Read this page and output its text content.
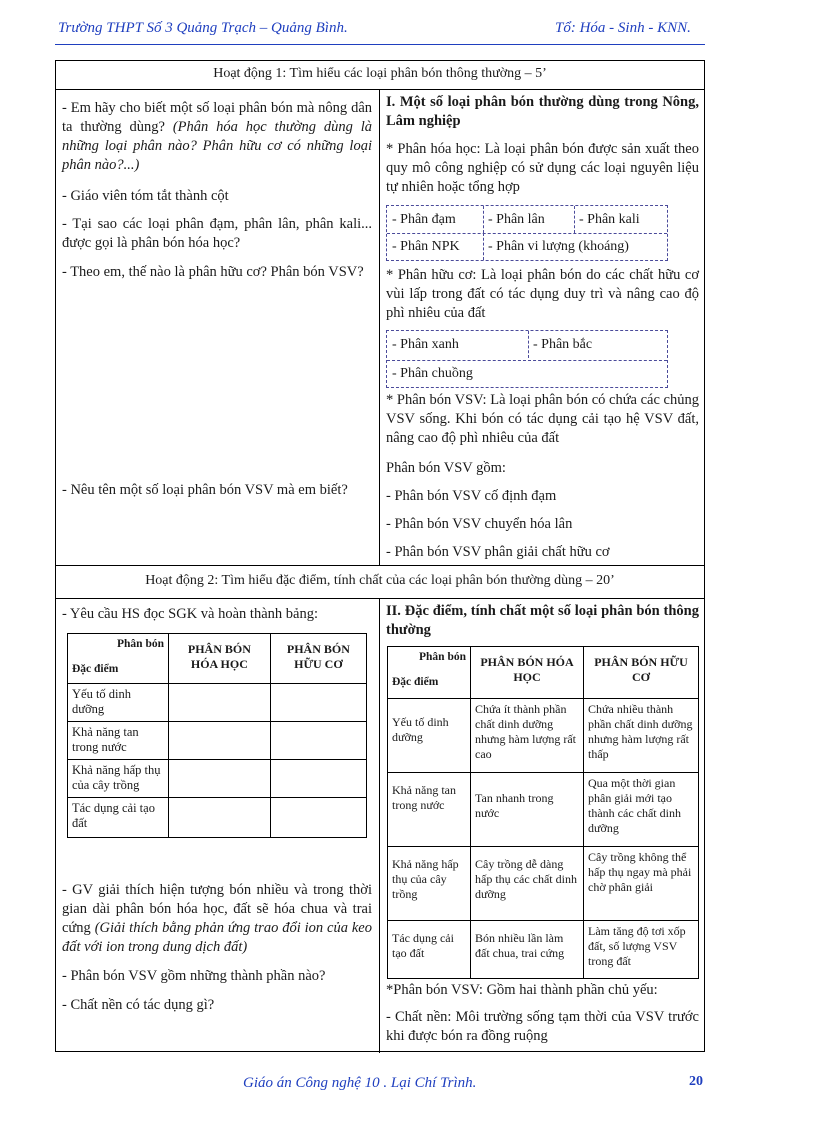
Trường THPT Số 3 Quảng Trạch – Quảng Bình.	Tổ: Hóa - Sinh - KNN.
Hoạt động 1: Tìm hiểu các loại phân bón thông thường – 5’

- Em hãy cho biết một số loại phân bón mà nông dân ta thường dùng? (Phân hóa học thường dùng là những loại phân nào? Phân hữu cơ có những loại phân nào?...)

- Giáo viên tóm tắt thành cột

- Tại sao các loại phân đạm, phân lân, phân kali... được gọi là phân bón hóa học?

- Theo em, thế nào là phân hữu cơ? Phân bón VSV?

- Nêu tên một số loại phân bón VSV mà em biết?

I. Một số loại phân bón thường dùng trong Nông, Lâm nghiệp

* Phân hóa học: Là loại phân bón được sản xuất theo quy mô công nghiệp có sử dụng các loại nguyên liệu tự nhiên hoặc tổng hợp

- Phân đạm	- Phân lân	- Phân kali
- Phân NPK	- Phân vi lượng (khoáng)

* Phân hữu cơ: Là loại phân bón do các chất hữu cơ vùi lấp trong đất có tác dụng duy trì và nâng cao độ phì nhiêu của đất

- Phân xanh	- Phân bắc
- Phân chuồng

* Phân bón VSV: Là loại phân bón có chứa các chủng VSV sống. Khi bón có tác dụng cải tạo hệ VSV đất, nâng cao độ phì nhiêu của đất

Phân bón VSV gồm:

- Phân bón VSV cố định đạm

- Phân bón VSV chuyển hóa lân

- Phân bón VSV phân giải chất hữu cơ

Hoạt động 2: Tìm hiểu đặc điểm, tính chất của các loại phân bón thường dùng – 20’

- Yêu cầu HS đọc SGK và hoàn thành bảng:

Phân bón
Đặc điểm	PHÂN BÓN HÓA HỌC	PHÂN BÓN HỮU CƠ
Yếu tố dinh dưỡng		
Khả năng tan trong nước		
Khả năng hấp thụ của cây trồng		
Tác dụng cải tạo đất		

- GV giải thích hiện tượng bón nhiều và trong thời gian dài phân bón hóa học, đất sẽ hóa chua và trai cứng (Giải thích bằng phản ứng trao đổi ion của keo đất với ion trong dung dịch đất)

- Phân bón VSV gồm những thành phần nào?

- Chất nền có tác dụng gì?

II. Đặc điểm, tính chất một số loại phân bón thông thường

Phân bón
Đặc điểm	PHÂN BÓN HÓA HỌC	PHÂN BÓN HỮU CƠ
Yếu tố dinh dưỡng	Chứa ít thành phần chất dinh dưỡng nhưng hàm lượng rất cao	Chứa nhiều thành phần chất dinh dưỡng nhưng hàm lượng rất thấp
Khả năng tan trong nước	Tan nhanh trong nước	Qua một thời gian phân giải mới tạo thành các chất dinh dưỡng
Khả năng hấp thụ của cây trồng	Cây trồng dễ dàng hấp thụ các chất dinh dưỡng	Cây trồng không thể hấp thụ ngay mà phải chờ phân giải
Tác dụng cải tạo đất	Bón nhiều lần làm đất chua, trai cứng	Làm tăng độ tơi xốp đất, số lượng VSV trong đất

*Phân bón VSV: Gồm hai thành phần chủ yếu:

- Chất nền: Môi trường sống tạm thời của VSV trước khi được bón ra đồng ruộng

Giáo án Công nghệ 10 . Lại Chí Trình.	20
